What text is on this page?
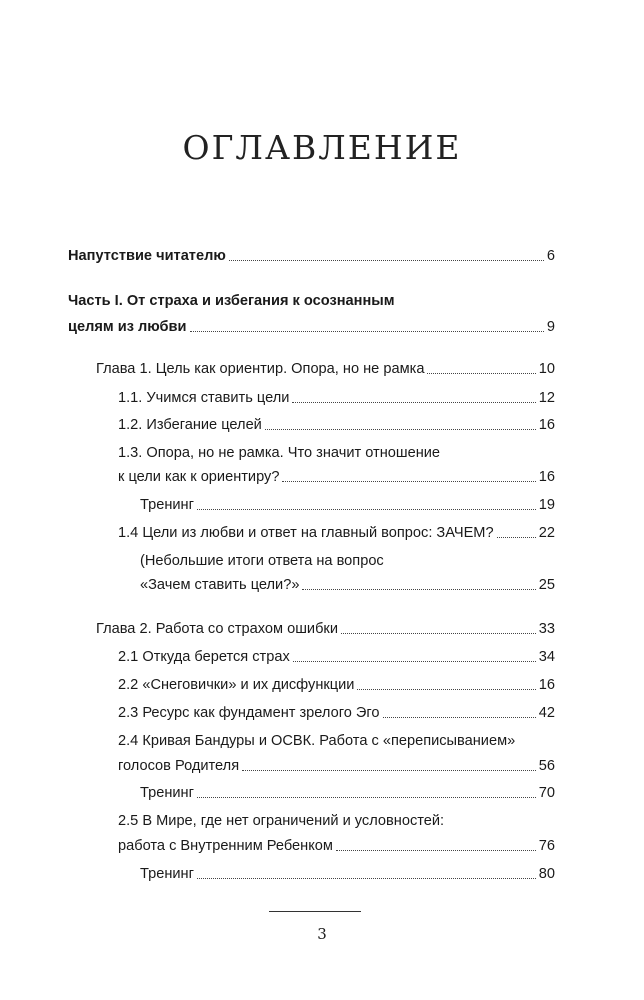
ОГЛАВЛЕНИЕ
Напутствие читателю	6
Часть I. От страха и избегания к осознанным
целям из любви	9
Глава 1. Цель как ориентир. Опора, но не рамка	10
1.1. Учимся ставить цели	12
1.2. Избегание целей	16
1.3. Опора, но не рамка. Что значит отношение
к цели как к ориентиру?	16
Тренинг	19
1.4 Цели из любви и ответ на главный вопрос: ЗАЧЕМ?	22
(Небольшие итоги ответа на вопрос
«Зачем ставить цели?»	25
Глава 2. Работа со страхом ошибки	33
2.1 Откуда берется страх	34
2.2 «Снеговички» и их дисфункции	16
2.3 Ресурс как фундамент зрелого Эго	42
2.4 Кривая Бандуры и ОСВК. Работа с «переписыванием»
голосов Родителя	56
Тренинг	70
2.5 В Мире, где нет ограничений и условностей:
работа с Внутренним Ребенком	76
Тренинг	80
3
